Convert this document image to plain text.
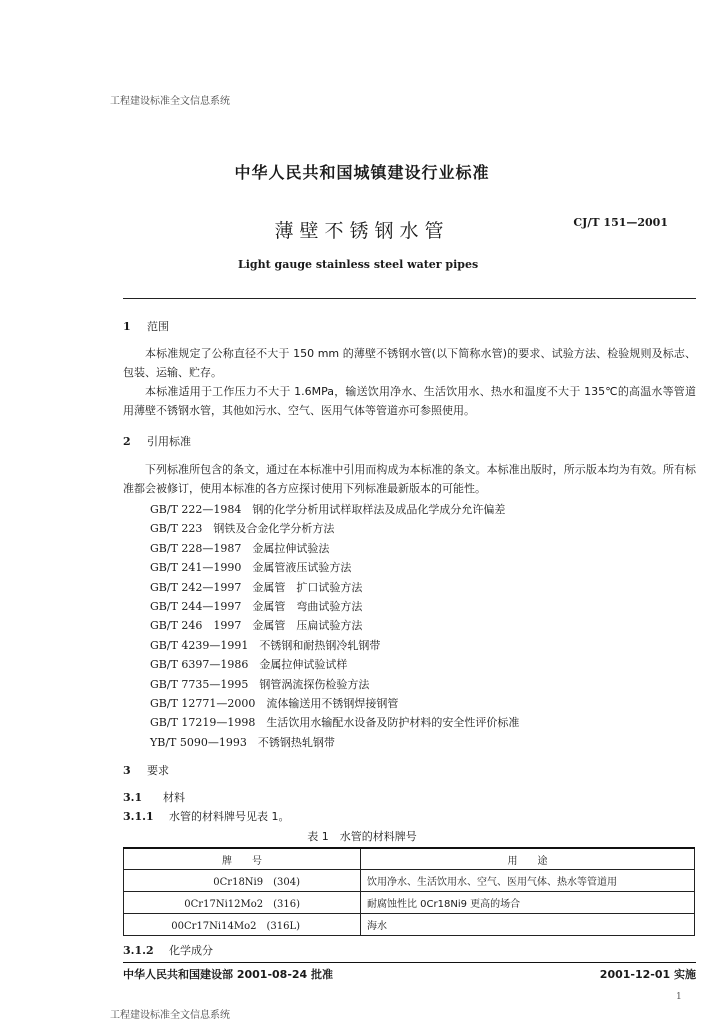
工程建设标准全文信息系统
中华人民共和国城镇建设行业标准
薄壁不锈钢水管	CJ/T 151—2001
Light gauge stainless steel water pipes
1 范围
本标准规定了公称直径不大于 150 mm 的薄壁不锈钢水管(以下简称水管)的要求、试验方法、检验规则及标志、包装、运输、贮存。
本标准适用于工作压力不大于 1.6MPa，输送饮用净水、生活饮用水、热水和温度不大于 135℃的高温水等管道用薄壁不锈钢水管，其他如污水、空气、医用气体等管道亦可参照使用。
2 引用标准
下列标准所包含的条文，通过在本标准中引用而构成为本标准的条文。本标准出版时，所示版本均为有效。所有标准都会被修订，使用本标准的各方应探讨使用下列标准最新版本的可能性。
GB/T 222—1984　 钢的化学分析用试样取样法及成品化学成分允许偏差
GB/T 223　 钢铁及合金化学分析方法
GB/T 228—1987　 金属拉伸试验法
GB/T 241—1990　 金属管液压试验方法
GB/T 242—1997　 金属管　扩口试验方法
GB/T 244—1997　 金属管　弯曲试验方法
GB/T 246　1997　 金属管　压扁试验方法
GB/T 4239—1991　 不锈钢和耐热钢冷轧钢带
GB/T 6397—1986　 金属拉伸试验试样
GB/T 7735—1995　 钢管涡流探伤检验方法
GB/T 12771—2000　 流体输送用不锈钢焊接钢管
GB/T 17219—1998　 生活饮用水输配水设备及防护材料的安全性评价标准
YB/T 5090—1993　 不锈钢热轧钢带
3 要求
3.1 材料
3.1.1 水管的材料牌号见表 1。
表 1　水管的材料牌号
牌　　号	用　　途
0Cr18Ni9　(304)	饮用净水、生活饮用水、空气、医用气体、热水等管道用
0Cr17Ni12Mo2　(316)	耐腐蚀性比 0Cr18Ni9 更高的场合
00Cr17Ni14Mo2　(316L)	海水
3.1.2 化学成分
中华人民共和国建设部 2001-08-24 批准	2001-12-01 实施
1
工程建设标准全文信息系统
